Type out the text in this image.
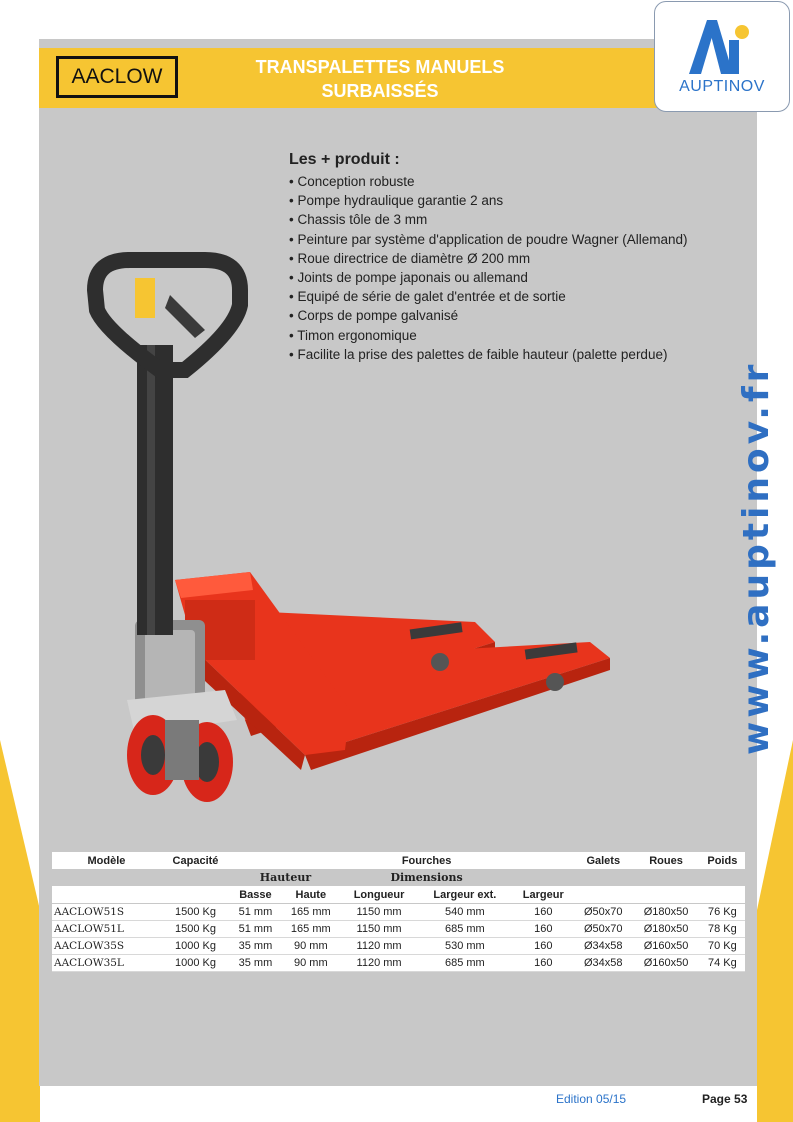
AACLOW	TRANSPALETTES MANUELS
SURBAISSÉS	AUPTINOV
Les + produit :
• Conception robuste
• Pompe hydraulique garantie 2 ans
• Chassis tôle de 3 mm
• Peinture par système d'application de poudre Wagner (Allemand)
• Roue directrice de diamètre Ø 200 mm
• Joints de pompe japonais ou allemand
• Equipé de série de galet d'entrée et de sortie
• Corps de pompe galvanisé
• Timon ergonomique
• Facilite la prise des palettes de faible hauteur (palette perdue)
www.auptinov.fr
Modèle	Capacité			Fourches			Galets	Roues	Poids
		Hauteur		Dimensions					
		Basse	Haute	Longueur	Largeur ext.	Largeur			

AACLOW51S	1500 Kg	51 mm	165 mm	1150 mm	540 mm	160	Ø50x70	Ø180x50	76 Kg
AACLOW51L	1500 Kg	51 mm	165 mm	1150 mm	685 mm	160	Ø50x70	Ø180x50	78 Kg
AACLOW35S	1000 Kg	35 mm	90 mm	1120 mm	530 mm	160	Ø34x58	Ø160x50	70 Kg
AACLOW35L	1000 Kg	35 mm	90 mm	1120 mm	685 mm	160	Ø34x58	Ø160x50	74 Kg
Edition 05/15	Page 53
